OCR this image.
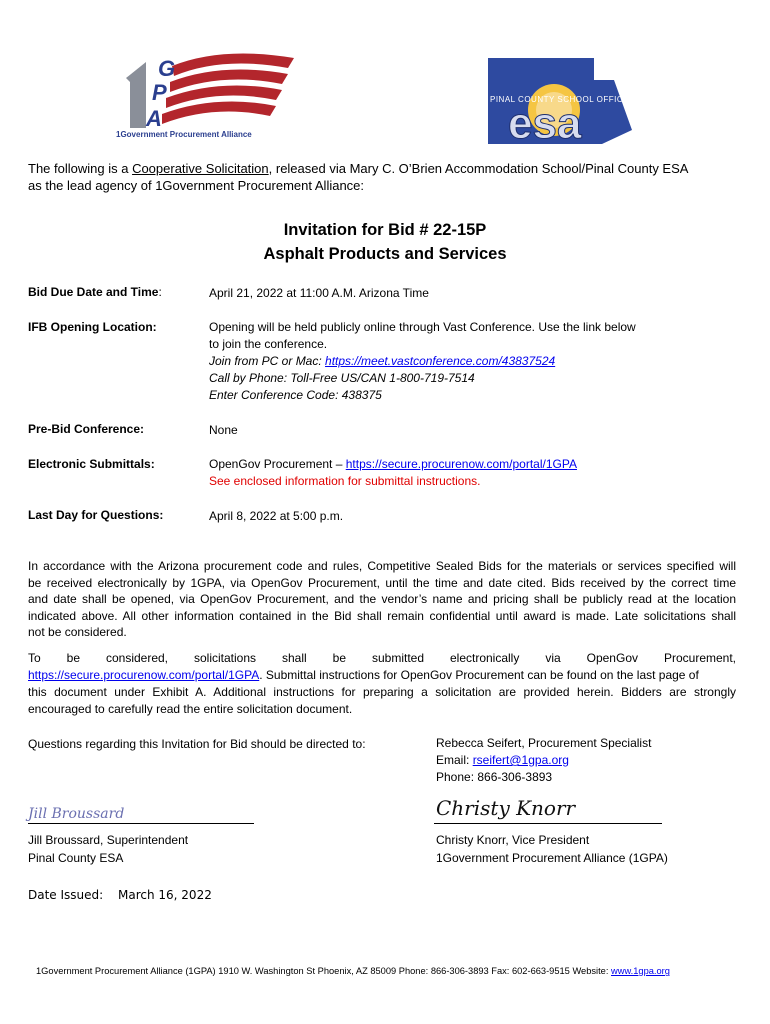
G
P
A
1Government Procurement Alliance
PINAL COUNTY SCHOOL OFFICE
esa
The following is a Cooperative Solicitation, released via Mary C. O’Brien Accommodation School/Pinal County ESA
as the lead agency of 1Government Procurement Alliance:
Invitation for Bid # 22-15P
Asphalt Products and Services
Bid Due Date and Time:	April 21, 2022 at 11:00 A.M. Arizona Time
IFB Opening Location:	Opening will be held publicly online through Vast Conference. Use the link below
to join the conference.
Join from PC or Mac: https://meet.vastconference.com/43837524
Call by Phone: Toll-Free US/CAN 1-800-719-7514
Enter Conference Code: 438375
Pre-Bid Conference:	None
Electronic Submittals:	OpenGov Procurement – https://secure.procurenow.com/portal/1GPA
See enclosed information for submittal instructions.
Last Day for Questions:	April 8, 2022 at 5:00 p.m.
In accordance with the Arizona procurement code and rules, Competitive Sealed Bids for the materials or services specified will
be received electronically by 1GPA, via OpenGov Procurement, until the time and date cited. Bids received by the correct time
and date shall be opened, via OpenGov Procurement, and the vendor’s name and pricing shall be publicly read at the location
indicated above. All other information contained in the Bid shall remain confidential until award is made. Late solicitations shall
not be considered.
To be considered, solicitations shall be submitted electronically via OpenGov Procurement,
https://secure.procurenow.com/portal/1GPA. Submittal instructions for OpenGov Procurement can be found on the last page of
this document under Exhibit A. Additional instructions for preparing a solicitation are provided herein. Bidders are strongly
encouraged to carefully read the entire solicitation document.
Questions regarding this Invitation for Bid should be directed to:	Rebecca Seifert, Procurement Specialist
Email: rseifert@1gpa.org
Phone: 866-306-3893
Jill Broussard
Jill Broussard, Superintendent
Pinal County ESA
Christy Knorr
Christy Knorr, Vice President
1Government Procurement Alliance (1GPA)
Date Issued: March 16, 2022
1Government Procurement Alliance (1GPA) 1910 W. Washington St Phoenix, AZ 85009 Phone: 866-306-3893 Fax: 602-663-9515 Website: www.1gpa.org
